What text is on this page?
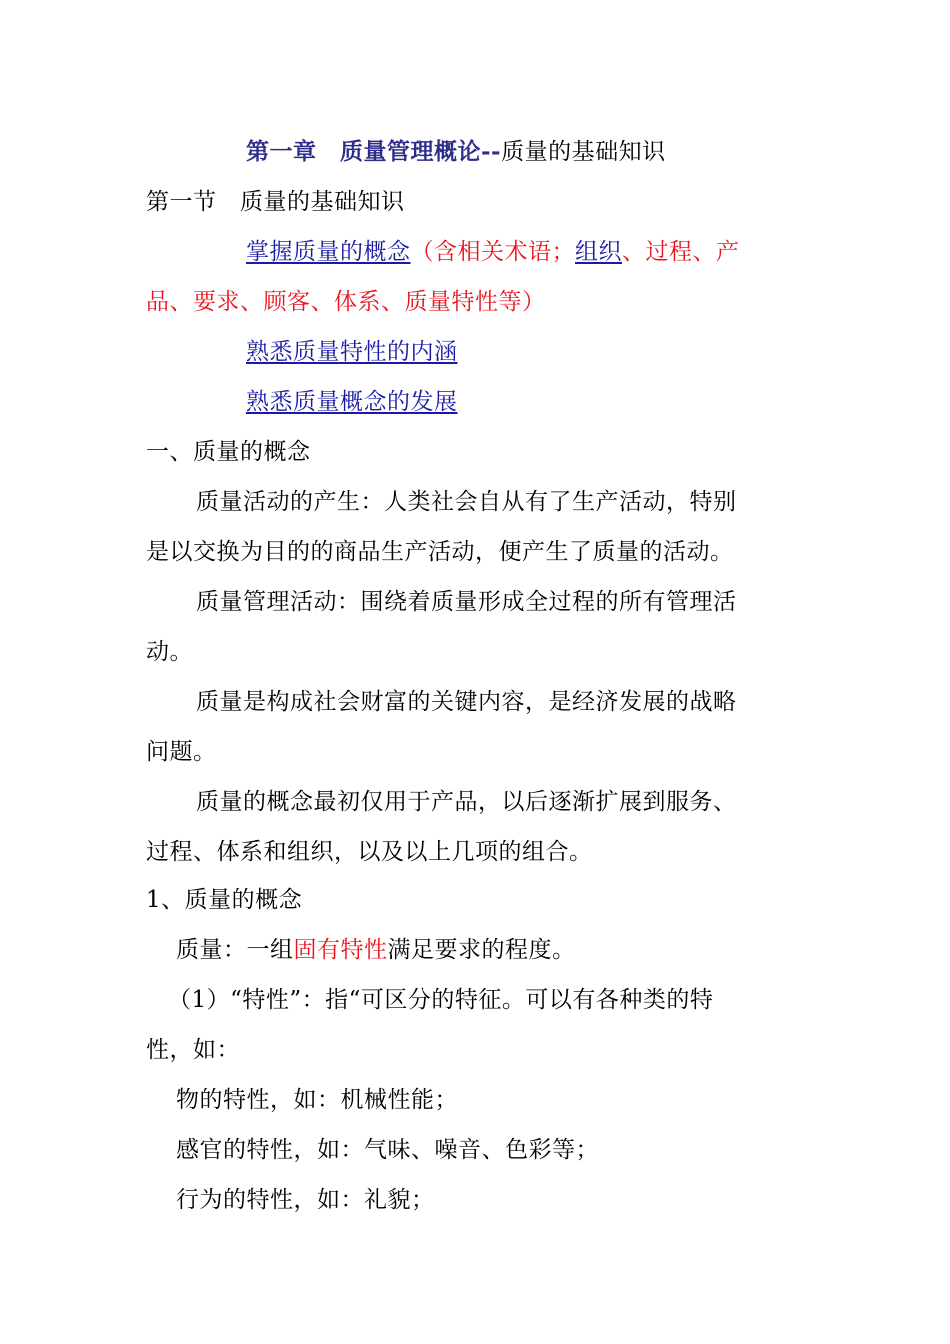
第一章　质量管理概论--质量的基础知识
第一节　质量的基础知识
掌握质量的概念（含相关术语；组织、过程、产
品、要求、顾客、体系、质量特性等）
熟悉质量特性的内涵
熟悉质量概念的发展
一、质量的概念
质量活动的产生：人类社会自从有了生产活动，特别
是以交换为目的的商品生产活动，便产生了质量的活动。
质量管理活动：围绕着质量形成全过程的所有管理活
动。
质量是构成社会财富的关键内容，是经济发展的战略
问题。
质量的概念最初仅用于产品，以后逐渐扩展到服务、
过程、体系和组织，以及以上几项的组合。
1、质量的概念
质量：一组固有特性满足要求的程度。
（1）“特性”：指“可区分的特征。可以有各种类的特
性，如：
物的特性，如：机械性能；
感官的特性，如：气味、噪音、色彩等；
行为的特性，如：礼貌；
